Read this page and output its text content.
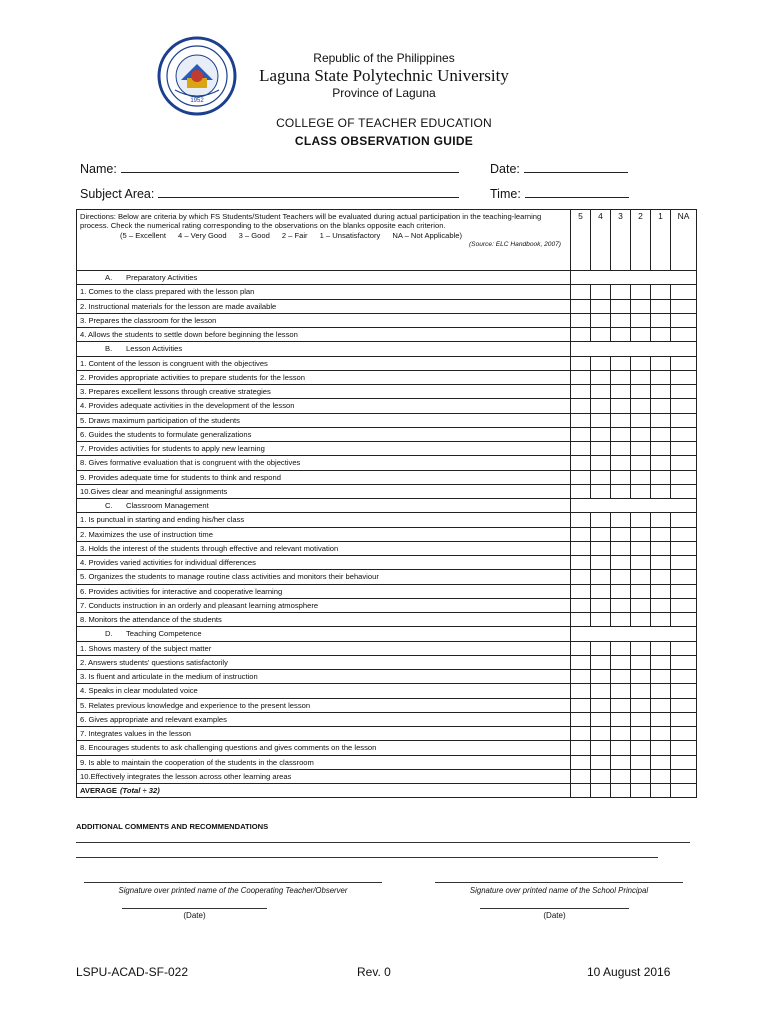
1952
Republic of the Philippines
Laguna State Polytechnic University
Province of Laguna
COLLEGE OF TEACHER EDUCATION
CLASS OBSERVATION GUIDE
Name:	Date:
Subject Area:	Time:
Directions: Below are criteria by which FS Students/Student Teachers will be evaluated during actual participation in the teaching-learning process. Check the numerical rating corresponding to the observations on the blanks opposite each criterion.
(5 – Excellent 4 – Very Good 3 – Good 2 – Fair 1 – Unsatisfactory NA – Not Applicable)
(Source: ELC Handbook, 2007)	5	4	3	2	1	NA
A. Preparatory Activities						
1. Comes to the class prepared with the lesson plan						
2. Instructional materials for the lesson are made available						
3. Prepares the classroom for the lesson						
4. Allows the students to settle down before beginning the lesson						
B. Lesson Activities						
1. Content of the lesson is congruent with the objectives						
2. Provides appropriate activities to prepare students for the lesson						
3. Prepares excellent lessons through creative strategies						
4. Provides adequate activities in the development of the lesson						
5. Draws maximum participation of the students						
6. Guides the students to formulate generalizations						
7. Provides activities for students to apply new learning						
8. Gives formative evaluation that is congruent with the objectives						
9. Provides adequate time for students to think and respond						
10.Gives clear and meaningful assignments						
C. Classroom Management						
1. Is punctual in starting and ending his/her class						
2. Maximizes the use of instruction time						
3. Holds the interest of the students through effective and relevant motivation						
4. Provides varied activities for individual differences						
5. Organizes the students to manage routine class activities and monitors their behaviour						
6. Provides activities for interactive and cooperative learning						
7. Conducts instruction in an orderly and pleasant learning atmosphere						
8. Monitors the attendance of the students						
D. Teaching Competence						
1. Shows mastery of the subject matter						
2. Answers students' questions satisfactorily						
3. Is fluent and articulate in the medium of instruction						
4. Speaks in clear modulated voice						
5. Relates previous knowledge and experience to the present lesson						
6. Gives appropriate and relevant examples						
7. Integrates values in the lesson						
8. Encourages students to ask challenging questions and gives comments on the lesson						
9. Is able to maintain the cooperation of the students in the classroom						
10.Effectively integrates the lesson across other learning areas						
AVERAGE (Total ÷ 32)						
ADDITIONAL COMMENTS AND RECOMMENDATIONS
Signature over printed name of the Cooperating Teacher/Observer
(Date)
Signature over printed name of the School Principal
(Date)
LSPU-ACAD-SF-022	Rev. 0	10 August 2016
